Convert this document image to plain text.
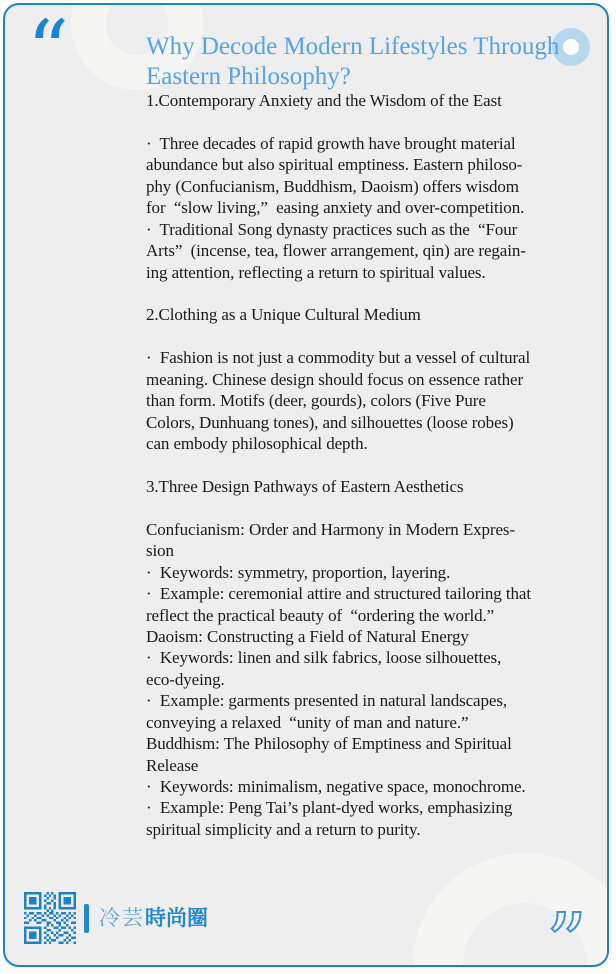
“	Why Decode Modern Lifestyles Through
Eastern Philosophy?
1.Contemporary Anxiety and the Wisdom of the East
·  Three decades of rapid growth have brought material
abundance but also spiritual emptiness. Eastern philoso-
phy (Confucianism, Buddhism, Daoism) offers wisdom
for  “slow living,”  easing anxiety and over-competition.
·  Traditional Song dynasty practices such as the  “Four
Arts”  (incense, tea, flower arrangement, qin) are regain-
ing attention, reflecting a return to spiritual values.
2.Clothing as a Unique Cultural Medium
·  Fashion is not just a commodity but a vessel of cultural
meaning. Chinese design should focus on essence rather
than form. Motifs (deer, gourds), colors (Five Pure
Colors, Dunhuang tones), and silhouettes (loose robes)
can embody philosophical depth.
3.Three Design Pathways of Eastern Aesthetics
Confucianism: Order and Harmony in Modern Expres-
sion
·  Keywords: symmetry, proportion, layering.
·  Example: ceremonial attire and structured tailoring that
reflect the practical beauty of  “ordering the world.”
Daoism: Constructing a Field of Natural Energy
·  Keywords: linen and silk fabrics, loose silhouettes,
eco-dyeing.
·  Example: garments presented in natural landscapes,
conveying a relaxed  “unity of man and nature.”
Buddhism: The Philosophy of Emptiness and Spiritual
Release
·  Keywords: minimalism, negative space, monochrome.
·  Example: Peng Tai’s plant-dyed works, emphasizing
spiritual simplicity and a return to purity.
冷芸時尚圈	”
